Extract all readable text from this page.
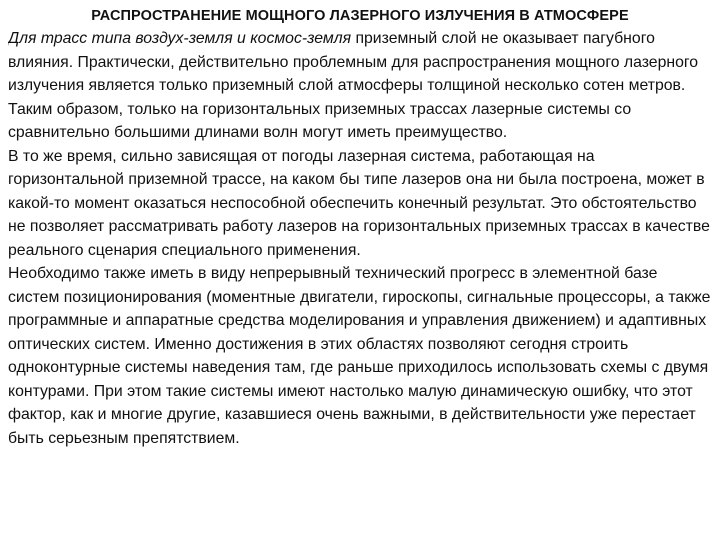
РАСПРОСТРАНЕНИЕ МОЩНОГО ЛАЗЕРНОГО ИЗЛУЧЕНИЯ В АТМОСФЕРЕ

Для трасс типа воздух-земля и космос-земля приземный слой не оказывает пагубного влияния. Практически, действительно проблемным для распространения мощного лазерного излучения является только приземный слой атмосферы толщиной несколько сотен метров.

Таким образом, только на горизонтальных приземных трассах лазерные системы со сравнительно большими длинами волн могут иметь преимущество.

В то же время, сильно зависящая от погоды лазерная система, работающая на горизонтальной приземной трассе, на каком бы типе лазеров она ни была построена, может в какой-то момент оказаться неспособной обеспечить конечный результат. Это обстоятельство не позволяет рассматривать работу лазеров на горизонтальных приземных трассах в качестве реального сценария специального применения.

Необходимо также иметь в виду непрерывный технический прогресс в элементной базе систем позиционирования (моментные двигатели, гироскопы, сигнальные процессоры, а также программные и аппаратные средства моделирования и управления движением) и адаптивных оптических систем. Именно достижения в этих областях позволяют сегодня строить одноконтурные системы наведения там, где раньше приходилось использовать схемы с двумя контурами. При этом такие системы имеют настолько малую динамическую ошибку, что этот фактор, как и многие другие, казавшиеся очень важными, в действительности уже перестает быть серьезным препятствием.
